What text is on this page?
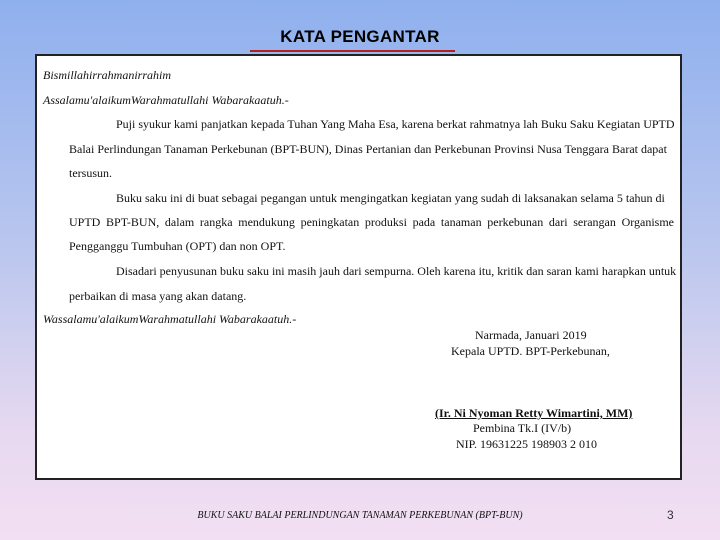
KATA PENGANTAR

Bismillahirrahmanirrahim

Assalamu'alaikumWarahmatullahi Wabarakaatuh.-

Puji syukur kami panjatkan kepada Tuhan Yang Maha Esa, karena berkat rahmatnya lah Buku Saku Kegiatan UPTD

Balai Perlindungan Tanaman Perkebunan (BPT-BUN), Dinas Pertanian dan Perkebunan Provinsi Nusa Tenggara Barat dapat

tersusun.

Buku saku ini di buat sebagai pegangan untuk mengingatkan kegiatan yang sudah di laksanakan selama 5 tahun di

UPTD BPT-BUN, dalam rangka mendukung peningkatan produksi pada tanaman perkebunan dari serangan Organisme

Pengganggu Tumbuhan (OPT) dan non OPT.

Disadari penyusunan buku saku ini masih jauh dari sempurna. Oleh karena itu, kritik dan saran kami harapkan untuk

perbaikan di masa yang akan datang.

Wassalamu'alaikumWarahmatullahi Wabarakaatuh.-

Narmada, Januari 2019
Kepala UPTD. BPT-Perkebunan,
(Ir. Ni Nyoman Retty Wimartini, MM)
Pembina Tk.I (IV/b)
NIP. 19631225 198903 2 010
BUKU SAKU BALAI PERLINDUNGAN TANAMAN PERKEBUNAN (BPT-BUN)	3
